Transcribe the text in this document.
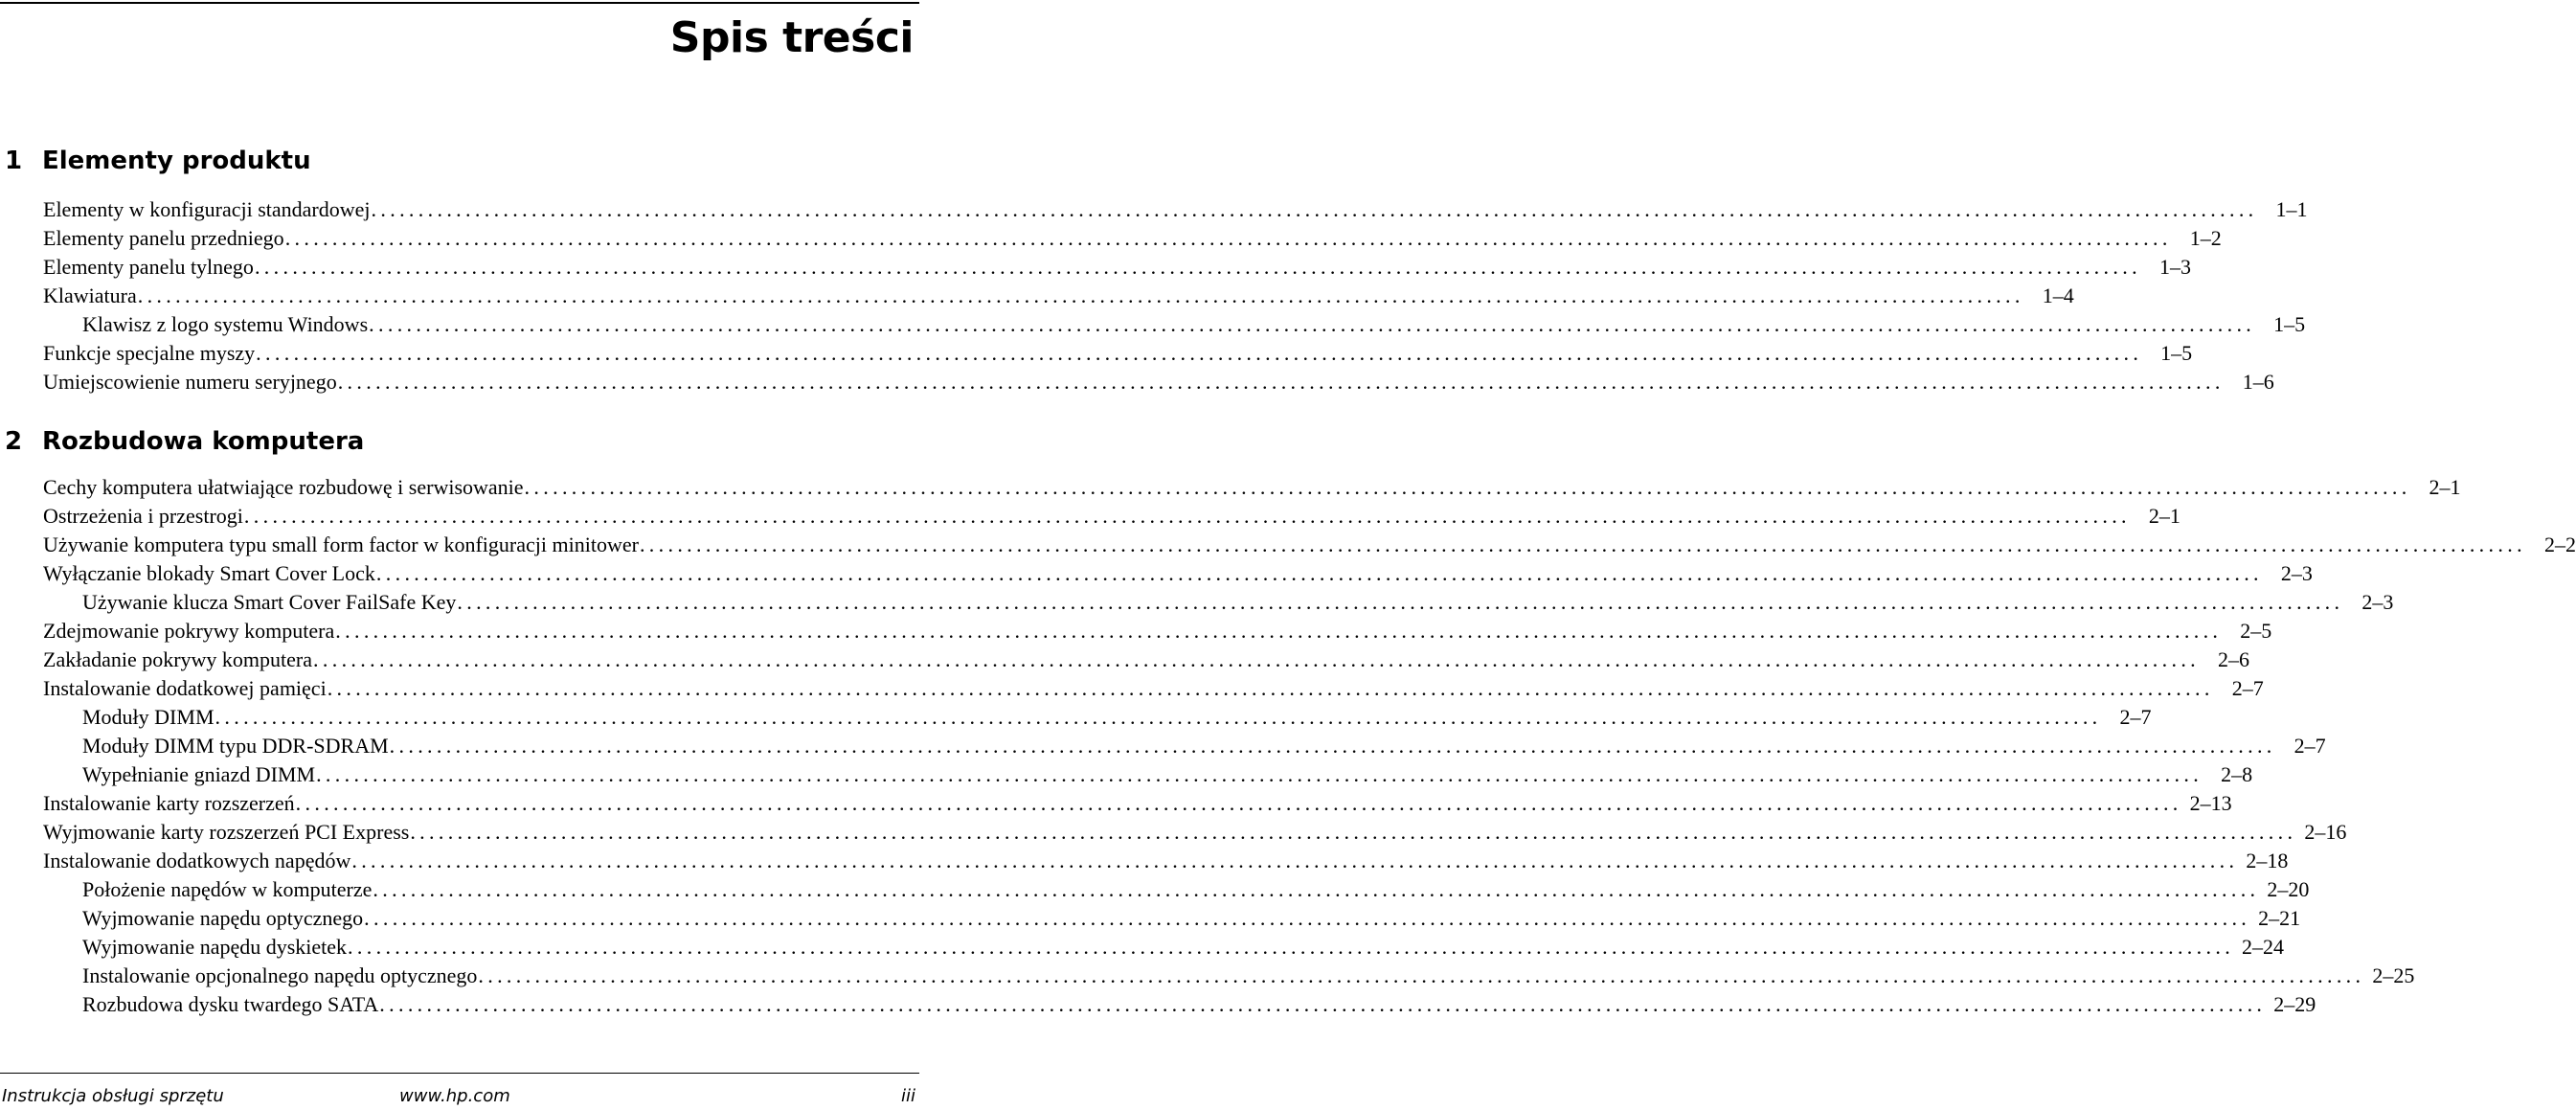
Spis treści
1 Elementy produktu
Elementy w konfiguracji standardowej ........................................................................................................................................................................................................ 1–1
Elementy panelu przedniego ........................................................................................................................................................................................................ 1–2
Elementy panelu tylnego ........................................................................................................................................................................................................ 1–3
Klawiatura ........................................................................................................................................................................................................ 1–4
Klawisz z logo systemu Windows ........................................................................................................................................................................................................ 1–5
Funkcje specjalne myszy ........................................................................................................................................................................................................ 1–5
Umiejscowienie numeru seryjnego ........................................................................................................................................................................................................ 1–6
2 Rozbudowa komputera
Cechy komputera ułatwiające rozbudowę i serwisowanie ........................................................................................................................................................................................................ 2–1
Ostrzeżenia i przestrogi ........................................................................................................................................................................................................ 2–1
Używanie komputera typu small form factor w konfiguracji minitower ........................................................................................................................................................................................................ 2–2
Wyłączanie blokady Smart Cover Lock ........................................................................................................................................................................................................ 2–3
Używanie klucza Smart Cover FailSafe Key ........................................................................................................................................................................................................ 2–3
Zdejmowanie pokrywy komputera ........................................................................................................................................................................................................ 2–5
Zakładanie pokrywy komputera ........................................................................................................................................................................................................ 2–6
Instalowanie dodatkowej pamięci ........................................................................................................................................................................................................ 2–7
Moduły DIMM ........................................................................................................................................................................................................ 2–7
Moduły DIMM typu DDR-SDRAM ........................................................................................................................................................................................................ 2–7
Wypełnianie gniazd DIMM ........................................................................................................................................................................................................ 2–8
Instalowanie karty rozszerzeń ........................................................................................................................................................................................................ 2–13
Wyjmowanie karty rozszerzeń PCI Express ........................................................................................................................................................................................................ 2–16
Instalowanie dodatkowych napędów ........................................................................................................................................................................................................ 2–18
Położenie napędów w komputerze ........................................................................................................................................................................................................ 2–20
Wyjmowanie napędu optycznego ........................................................................................................................................................................................................ 2–21
Wyjmowanie napędu dyskietek ........................................................................................................................................................................................................ 2–24
Instalowanie opcjonalnego napędu optycznego ........................................................................................................................................................................................................ 2–25
Rozbudowa dysku twardego SATA ........................................................................................................................................................................................................ 2–29
Instrukcja obsługi sprzętu	www.hp.com	iii
